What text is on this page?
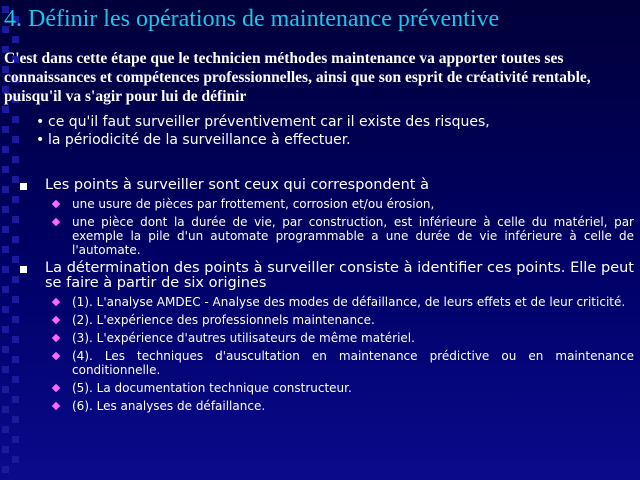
4. Définir les opérations de maintenance préventive

C'est dans cette étape que le technicien méthodes maintenance va apporter toutes ses connaissances et compétences professionnelles, ainsi que son esprit de créativité rentable, puisqu'il va s'agir pour lui de définir

• ce qu'il faut surveiller préventivement car il existe des risques,
• la périodicité de la surveillance à effectuer.
Les points à surveiller sont ceux qui correspondent à
une usure de pièces par frottement, corrosion et/ou érosion,
une pièce dont la durée de vie, par construction, est inférieure à celle du matériel, par exemple la pile d'un automate programmable a une durée de vie inférieure à celle de l'automate.
La détermination des points à surveiller consiste à identifier ces points. Elle peut se faire à partir de six origines
(1). L'analyse AMDEC - Analyse des modes de défaillance, de leurs effets et de leur criticité.
(2). L'expérience des professionnels maintenance.
(3). L'expérience d'autres utilisateurs de même matériel.
(4). Les techniques d'auscultation en maintenance prédictive ou en maintenance conditionnelle.
(5). La documentation technique constructeur.
(6). Les analyses de défaillance.
